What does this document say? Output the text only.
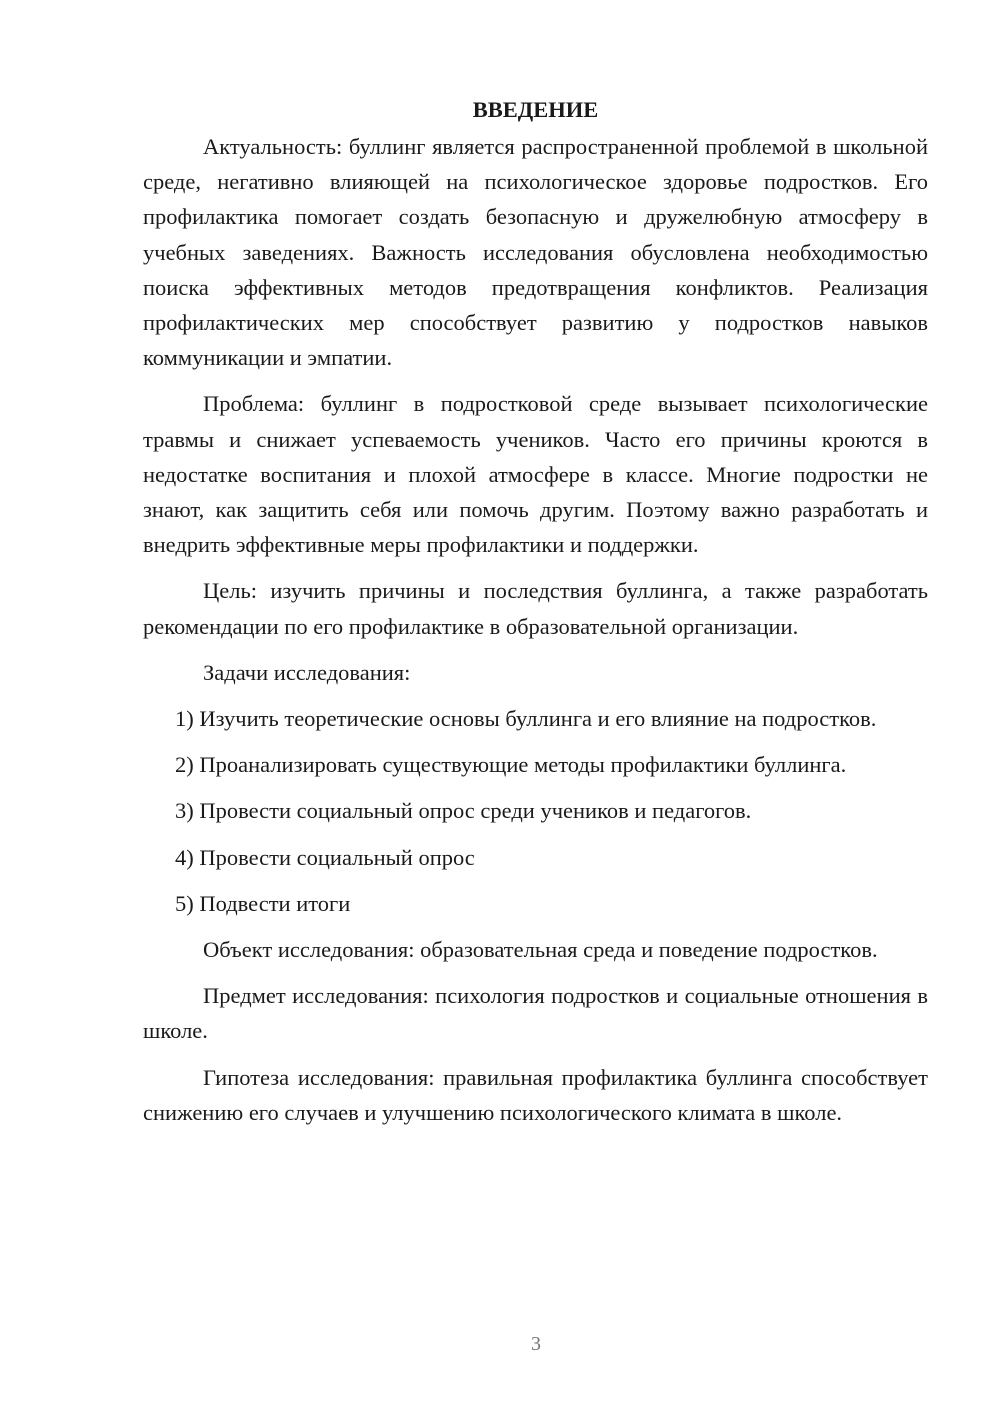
ВВЕДЕНИЕ

Актуальность: буллинг является распространенной проблемой в школьной среде, негативно влияющей на психологическое здоровье подростков. Его профилактика помогает создать безопасную и дружелюбную атмосферу в учебных заведениях. Важность исследования обусловлена необходимостью поиска эффективных методов предотвращения конфликтов. Реализация профилактических мер способствует развитию у подростков навыков коммуникации и эмпатии.

Проблема: буллинг в подростковой среде вызывает психологические травмы и снижает успеваемость учеников. Часто его причины кроются в недостатке воспитания и плохой атмосфере в классе. Многие подростки не знают, как защитить себя или помочь другим. Поэтому важно разработать и внедрить эффективные меры профилактики и поддержки.

Цель: изучить причины и последствия буллинга, а также разработать рекомендации по его профилактике в образовательной организации.

Задачи исследования:

1) Изучить теоретические основы буллинга и его влияние на подростков.
2) Проанализировать существующие методы профилактики буллинга.
3) Провести социальный опрос среди учеников и педагогов.
4) Провести социальный опрос
5) Подвести итоги

Объект исследования: образовательная среда и поведение подростков.

Предмет исследования: психология подростков и социальные отношения в школе.

Гипотеза исследования: правильная профилактика буллинга способствует снижению его случаев и улучшению психологического климата в школе.

3
